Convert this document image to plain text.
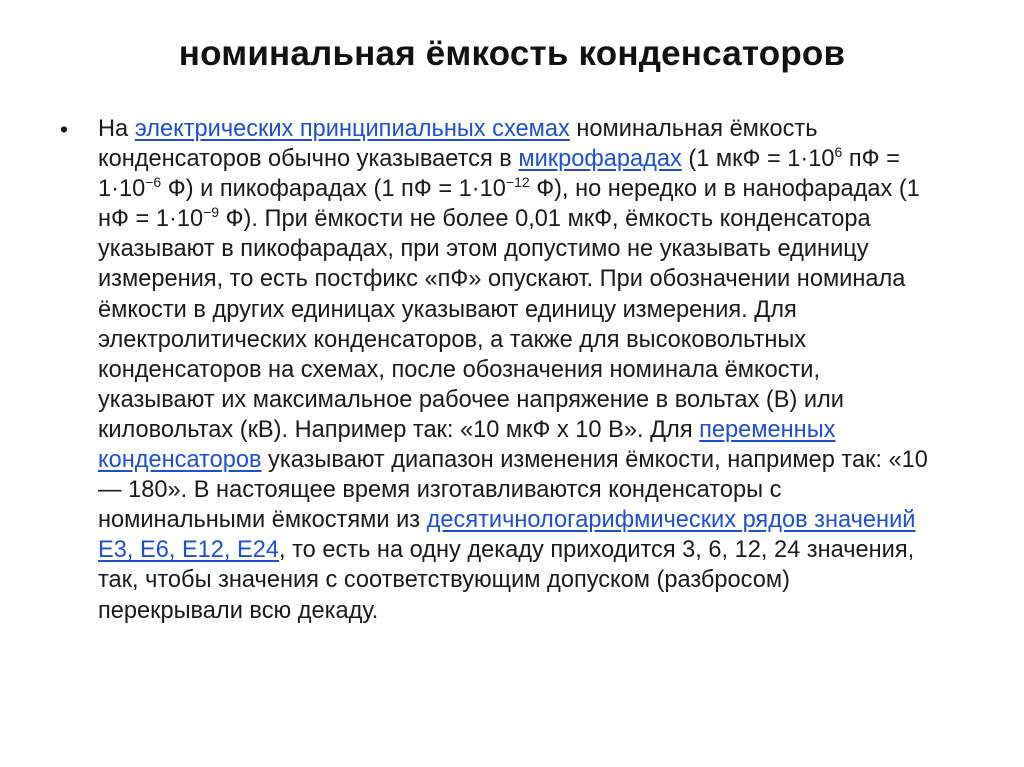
номинальная ёмкость конденсаторов
• На электрических принципиальных схемах номинальная ёмкость конденсаторов обычно указывается в микрофарадах (1 мкФ = $1\cdot 10^6$ пФ = $1\cdot 10^{-6}$ Ф) и пикофарадах (1 пФ = $1\cdot 10^{-12}$ Ф), но нередко и в нанофарадах (1 нФ = $1\cdot 10^{-9}$ Ф). При ёмкости не более 0,01 мкФ, ёмкость конденсатора указывают в пикофарадах, при этом допустимо не указывать единицу измерения, то есть постфикс «пФ» опускают. При обозначении номинала ёмкости в других единицах указывают единицу измерения. Для электролитических конденсаторов, а также для высоковольтных конденсаторов на схемах, после обозначения номинала ёмкости, указывают их максимальное рабочее напряжение в вольтах (В) или киловольтах (кВ). Например так: «10 мкФ х 10 В». Для переменных конденсаторов указывают диапазон изменения ёмкости, например так: «10 — 180». В настоящее время изготавливаются конденсаторы с номинальными ёмкостями из десятичнологарифмических рядов значений E3, E6, E12, E24, то есть на одну декаду приходится 3, 6, 12, 24 значения, так, чтобы значения с соответствующим допуском (разбросом) перекрывали всю декаду.
